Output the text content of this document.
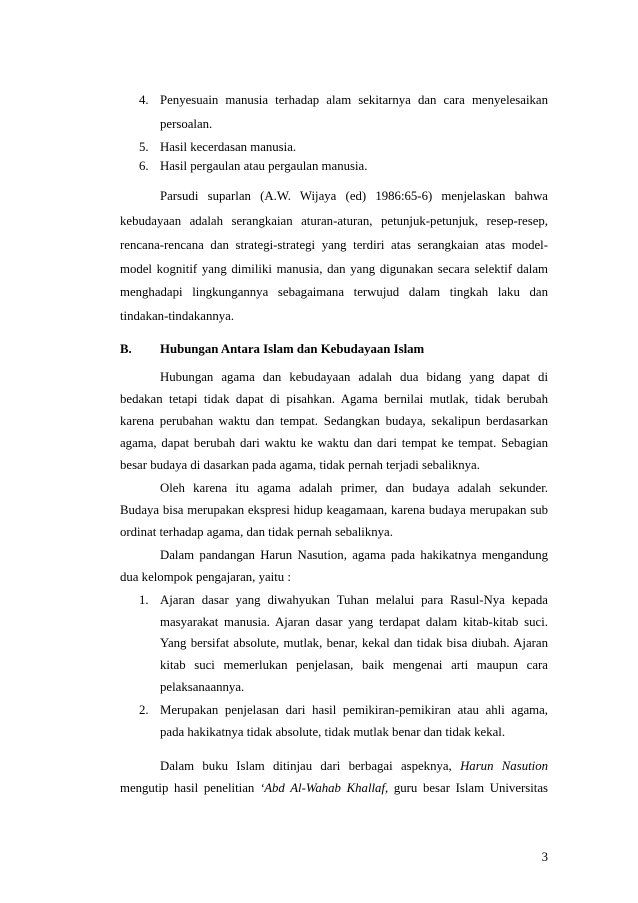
4. Penyesuain manusia terhadap alam sekitarnya dan cara menyelesaikan
persoalan.
5. Hasil kecerdasan manusia.
6. Hasil pergaulan atau pergaulan manusia.
Parsudi suparlan (A.W. Wijaya (ed) 1986:65-6) menjelaskan bahwa
kebudayaan adalah serangkaian aturan-aturan, petunjuk-petunjuk, resep-resep,
rencana-rencana dan strategi-strategi yang terdiri atas serangkaian atas model-
model kognitif yang dimiliki manusia, dan yang digunakan secara selektif dalam
menghadapi lingkungannya sebagaimana terwujud dalam tingkah laku dan
tindakan-tindakannya.
B. Hubungan Antara Islam dan Kebudayaan Islam
Hubungan agama dan kebudayaan adalah dua bidang yang dapat di
bedakan tetapi tidak dapat di pisahkan. Agama bernilai mutlak, tidak berubah
karena perubahan waktu dan tempat. Sedangkan budaya, sekalipun berdasarkan
agama, dapat berubah dari waktu ke waktu dan dari tempat ke tempat. Sebagian
besar budaya di dasarkan pada agama, tidak pernah terjadi sebaliknya.
Oleh karena itu agama adalah primer, dan budaya adalah sekunder.
Budaya bisa merupakan ekspresi hidup keagamaan, karena budaya merupakan sub
ordinat terhadap agama, dan tidak pernah sebaliknya.
Dalam pandangan Harun Nasution, agama pada hakikatnya mengandung
dua kelompok pengajaran, yaitu :
1. Ajaran dasar yang diwahyukan Tuhan melalui para Rasul-Nya kepada
masyarakat manusia. Ajaran dasar yang terdapat dalam kitab-kitab suci.
Yang bersifat absolute, mutlak, benar, kekal dan tidak bisa diubah. Ajaran
kitab suci memerlukan penjelasan, baik mengenai arti maupun cara
pelaksanaannya.
2. Merupakan penjelasan dari hasil pemikiran-pemikiran atau ahli agama,
pada hakikatnya tidak absolute, tidak mutlak benar dan tidak kekal.
Dalam buku Islam ditinjau dari berbagai aspeknya, Harun Nasution
mengutip hasil penelitian ‘Abd Al-Wahab Khallaf, guru besar Islam Universitas
3
